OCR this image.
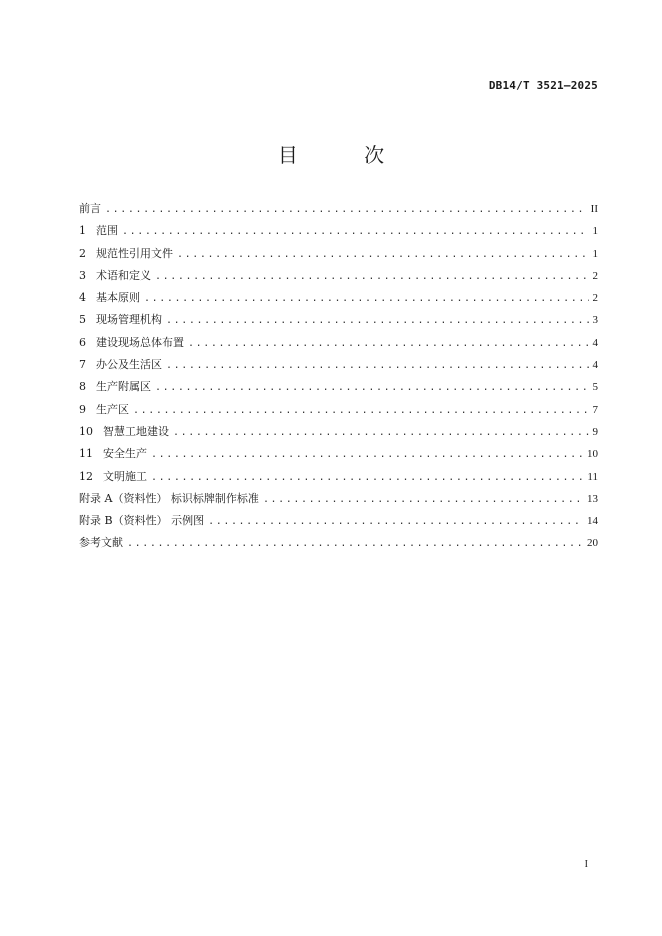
DB14/T 3521—2025
目 次
前言 .....	II
1 范围 .....	1
2 规范性引用文件 .....	1
3 术语和定义 .....	2
4 基本原则 .....	2
5 现场管理机构 .....	3
6 建设现场总体布置 .....	4
7 办公及生活区 .....	4
8 生产附属区 .....	5
9 生产区 .....	7
10 智慧工地建设 .....	9
11 安全生产 .....	10
12 文明施工 .....	11
附录 A（资料性） 标识标牌制作标准 .....	13
附录 B（资料性） 示例图 .....	14
参考文献 .....	20
I
